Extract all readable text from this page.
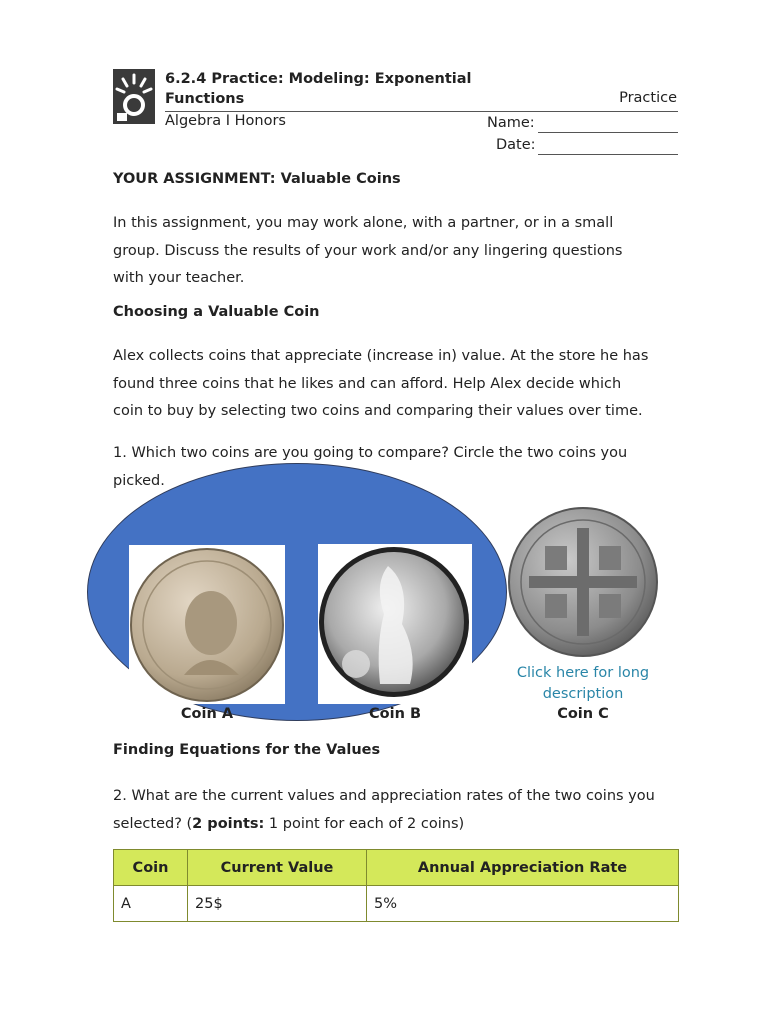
6.2.4 Practice: Modeling: Exponential
Functions	Practice
Algebra I Honors	Name:
Date:
YOUR ASSIGNMENT: Valuable Coins
In this assignment, you may work alone, with a partner, or in a small
group. Discuss the results of your work and/or any lingering questions
with your teacher.
Choosing a Valuable Coin
Alex collects coins that appreciate (increase in) value. At the store he has
found three coins that he likes and can afford. Help Alex decide which
coin to buy by selecting two coins and comparing their values over time.
1. Which two coins are you going to compare? Circle the two coins you
picked.
Click here for long
description
Coin A	Coin B	Coin C
Finding Equations for the Values
2. What are the current values and appreciation rates of the two coins you
selected? (2 points: 1 point for each of 2 coins)
Coin	Current Value	Annual Appreciation Rate
A	25$	5%
